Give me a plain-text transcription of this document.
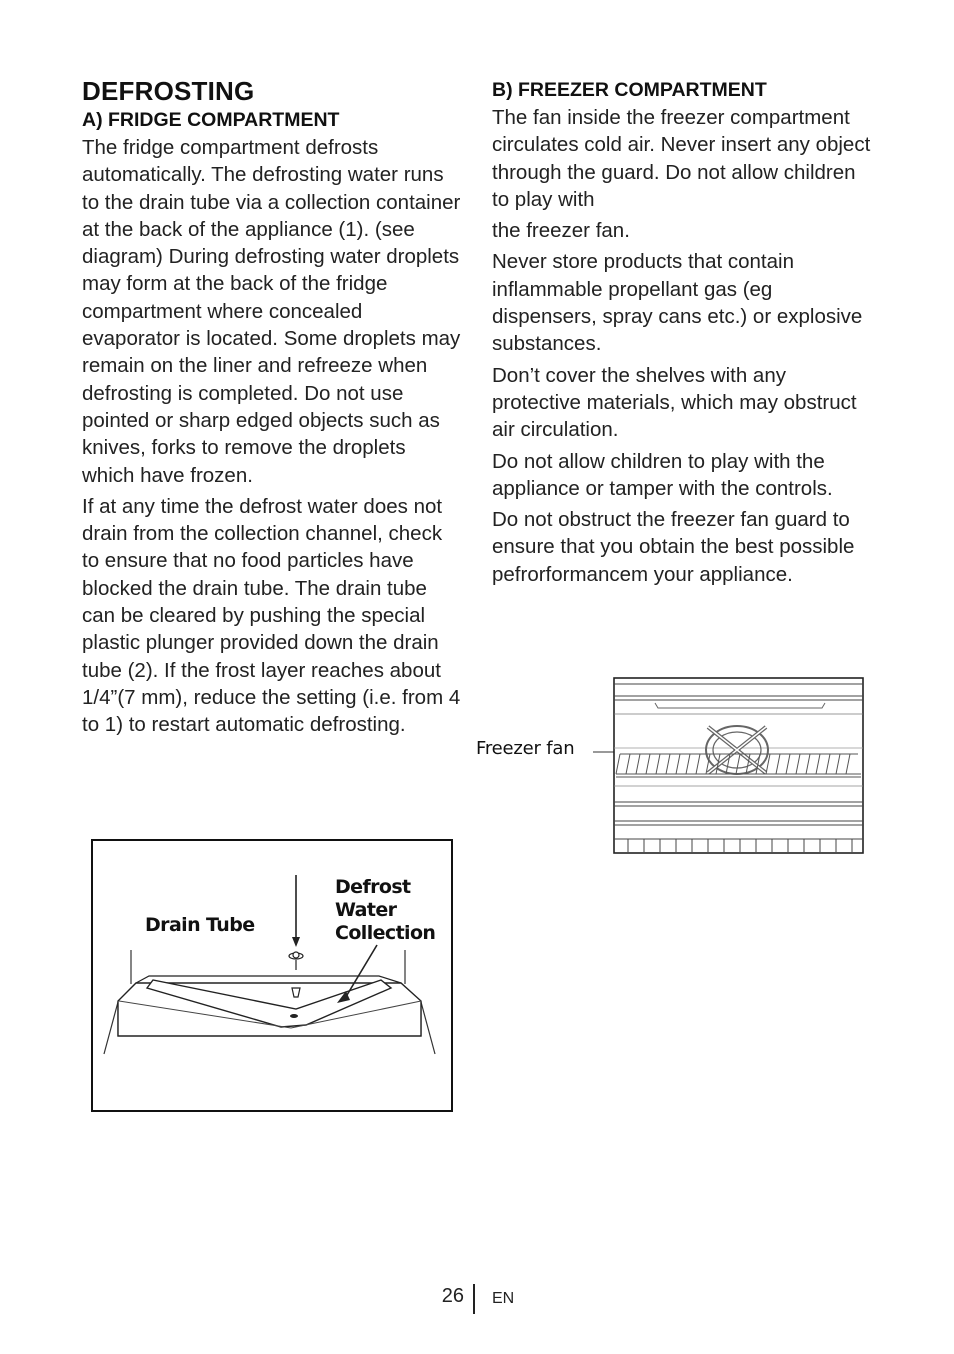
DEFROSTING
A) FRIDGE COMPARTMENT

The fridge compartment defrosts automatically. The defrosting water runs to the drain tube via a collection container at the back of the appliance (1). (see diagram) During defrosting water droplets may form at the back of the fridge compartment where concealed evaporator is located. Some droplets may remain on the liner and refreeze when defrosting is completed. Do not use pointed or sharp edged objects such as knives, forks to remove the droplets which have frozen.

If at any time the defrost water does not drain from the collection channel, check to ensure that no food particles have blocked the drain tube. The drain tube can be cleared by pushing the special plastic plunger provided down the drain tube (2). If the frost layer reaches about 1/4”(7 mm), reduce the setting (i.e. from 4 to 1) to restart automatic defrosting.

B) FREEZER COMPARTMENT

The fan inside the freezer compartment circulates cold air. Never insert any object through the guard. Do not allow children to play with

the freezer fan.

Never store products that contain inflammable propellant gas (eg dispensers, spray cans etc.) or explosive substances.

Don’t cover the shelves with any protective materials, which may obstruct air circulation.

Do not allow children to play with the appliance or tamper with the controls.

Do not obstruct the freezer fan guard to ensure that you obtain the best possible pefrorformancem your appliance.

Freezer fan
Drain Tube
Defrost
Water
Collection
26 EN
